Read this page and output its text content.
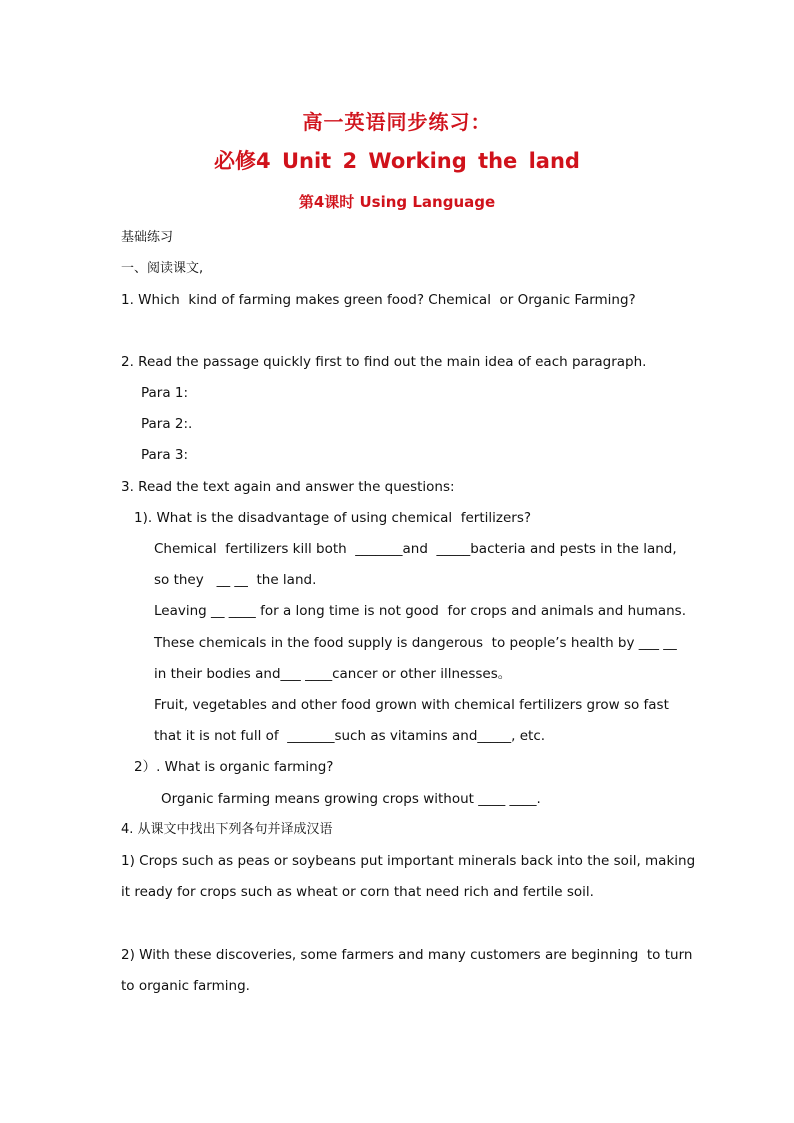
高一英语同步练习：
必修4 Unit 2 Working the land
第4课时 Using Language
基础练习
一、阅读课文,
1. Which  kind of farming makes green food? Chemical  or Organic Farming?
2. Read the passage quickly first to find out the main idea of each paragraph.
Para 1:
Para 2:.
Para 3:
3. Read the text again and answer the questions:
1). What is the disadvantage of using chemical  fertilizers?
Chemical  fertilizers kill both  _______and  _____bacteria and pests in the land,
so they   __ __  the land.
Leaving __ ____ for a long time is not good  for crops and animals and humans.
These chemicals in the food supply is dangerous  to people’s health by ___ __
in their bodies and___ ____cancer or other illnesses。
Fruit, vegetables and other food grown with chemical fertilizers grow so fast
that it is not full of  _______such as vitamins and_____, etc.
2）. What is organic farming?
Organic farming means growing crops without ____ ____.
4. 从课文中找出下列各句并译成汉语
1) Crops such as peas or soybeans put important minerals back into the soil, making
it ready for crops such as wheat or corn that need rich and fertile soil.
2) With these discoveries, some farmers and many customers are beginning  to turn
to organic farming.
